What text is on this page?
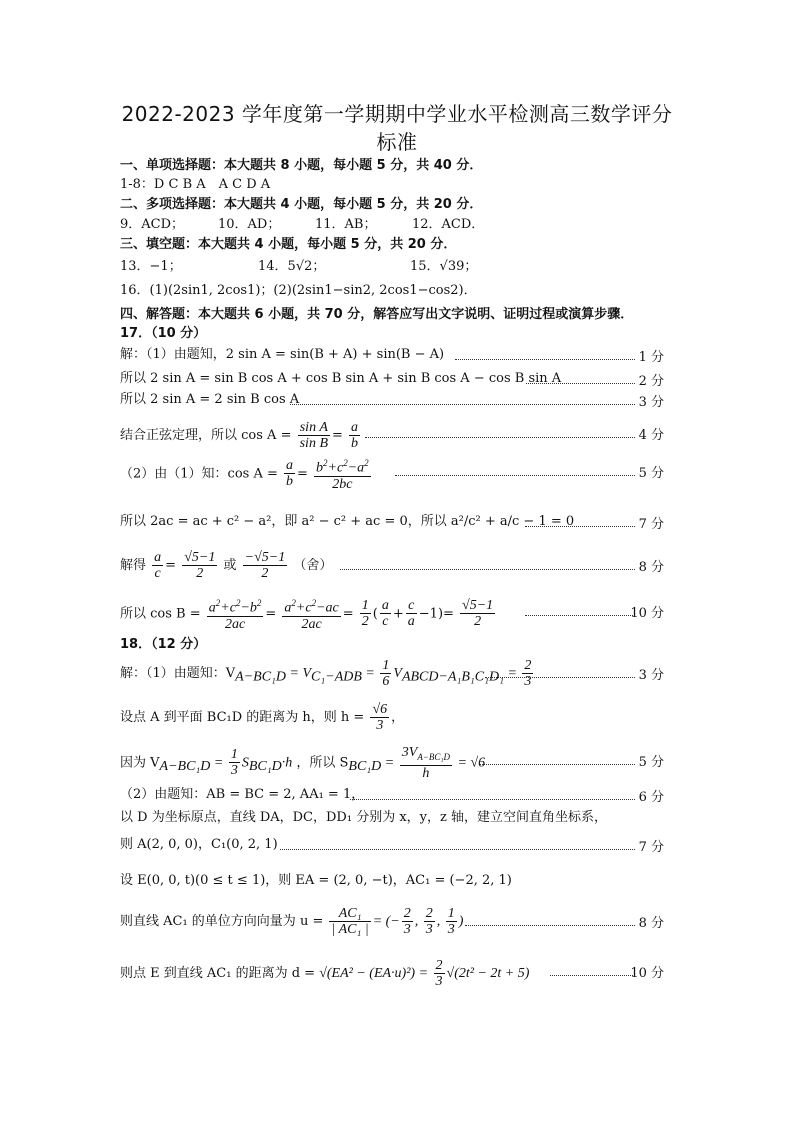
2022-2023 学年度第一学期期中学业水平检测高三数学评分
标准
一、单项选择题：本大题共 8 小题，每小题 5 分，共 40 分．
1-8：D C B A　A C D A
二、多项选择题：本大题共 4 小题，每小题 5 分，共 20 分．
9．ACD；	10．AD；	11．AB；	12．ACD．
三、填空题：本大题共 4 小题，每小题 5 分，共 20 分．
13．−1；	14．5√2；	15．√39；
16．(1)(2sin1, 2cos1)；(2)(2sin1−sin2, 2cos1−cos2)．
四、解答题：本大题共 6 小题，共 70 分，解答应写出文字说明、证明过程或演算步骤．
17．（10 分）
解：（1）由题知，2 sin A = sin(B + A) + sin(B − A)	1 分
所以 2 sin A = sin B cos A + cos B sin A + sin B cos A − cos B sin A	2 分
所以 2 sin A = 2 sin B cos A	3 分
结合正弦定理，所以 $\cos A = \frac{\text{sin A}}{\text{sin B}} = \frac{a}{b}$	4 分
（2）由（1）知：$\cos A = \frac{a}{b} = \frac{b^2+c^2-a^2}{2bc}$	5 分
所以 2ac = ac + c² − a²，即 a² − c² + ac = 0，所以 a²/c² + a/c − 1 = 0	7 分
解得 $\frac{a}{c} = \frac{√5-1}{2}$ 或 $\frac{-√5-1}{2}$ （舍）	8 分
所以 $\cos B = \frac{a^2+c^2-b^2}{2ac} = \frac{a^2+c^2-ac}{2ac} = \frac{1}{2}$ ( $\frac{a}{c} + \frac{c}{a} -1)= \frac{√5-1}{2}$	10 分
18．（12 分）
解：（1）由题知：$V_{A-BC_1D} = V_{C_1-ADB} = \frac{1}{6} V_{ABCD-A_1B_1C_1D_1} = \frac{2}{3}$	3 分
设点 A 到平面 BC₁D 的距离为 h，则 $h = \frac{√6}{3}$ ，
因为 $V_{A-BC_1D} = \frac{1}{3} S_{BC_1D}\cdot h$ ，所以 $S_{BC_1D} = \frac{3V_{A-BC_1D}}{h} = √6$	5 分
（2）由题知：AB = BC = 2, AA₁ = 1，	6 分
以 D 为坐标原点，直线 DA，DC，DD₁ 分别为 x，y，z 轴，建立空间直角坐标系，
则 A(2, 0, 0)，C₁(0, 2, 1)	7 分
设 E(0, 0, t)(0 ≤ t ≤ 1)，则 EA = (2, 0, −t)，AC₁ = (−2, 2, 1)
则直线 AC₁ 的单位方向向量为 $u = \frac{\text{AC₁}}{\text{| AC₁ |}}$ = (− $\frac{2}{3}$ , $\frac{2}{3}$ , $\frac{1}{3}$ )	8 分
则点 E 到直线 AC₁ 的距离为 $d = √(EA^2 - (EA\cdot u)^2) = \frac{2}{3} √(2t^2 - 2t + 5)$	10 分
